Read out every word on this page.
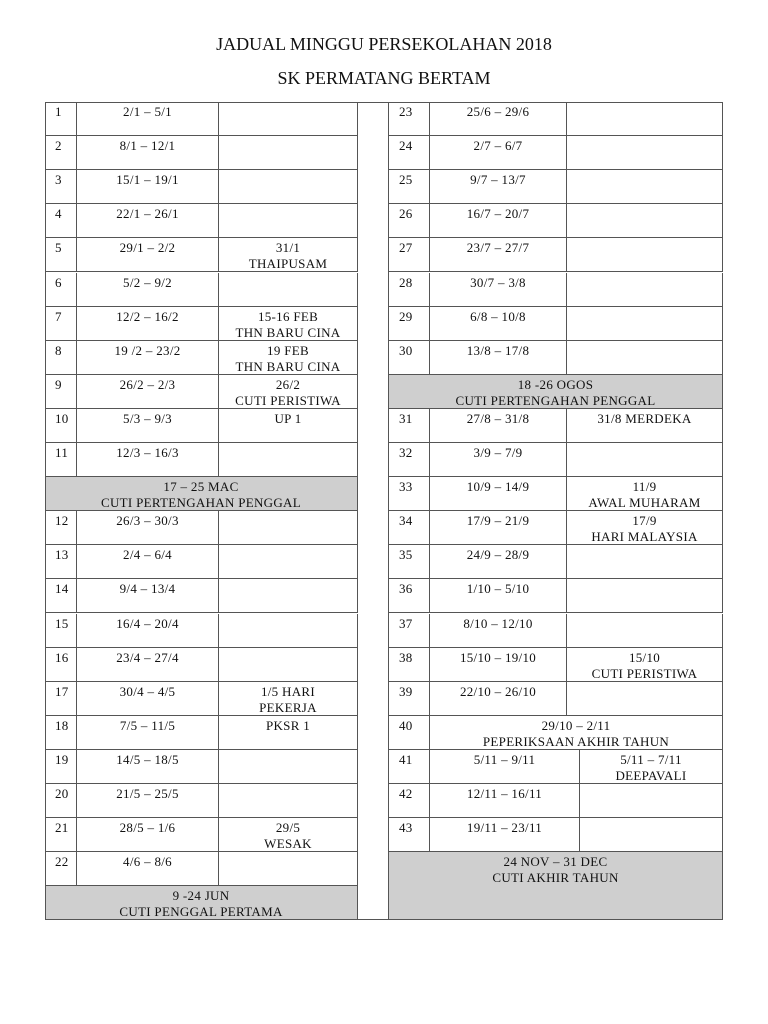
JADUAL MINGGU PERSEKOLAHAN 2018
SK PERMATANG BERTAM
1	2/1 – 5/1
2	8/1 – 12/1
3	15/1 – 19/1
4	22/1 – 26/1
5	29/1 – 2/2	31/1
THAIPUSAM
6	5/2 – 9/2
7	12/2 – 16/2	15-16 FEB
THN BARU CINA
8	19 /2 – 23/2	19 FEB
THN BARU CINA
9	26/2 – 2/3	26/2
CUTI PERISTIWA
10	5/3 – 9/3	UP 1
11	12/3 – 16/3
17 – 25 MAC
CUTI PERTENGAHAN PENGGAL
12	26/3 – 30/3
13	2/4 – 6/4
14	9/4 – 13/4
15	16/4 – 20/4
16	23/4 – 27/4
17	30/4 – 4/5	1/5 HARI
PEKERJA
18	7/5 – 11/5	PKSR 1
19	14/5 – 18/5
20	21/5 – 25/5
21	28/5 – 1/6	29/5
WESAK
22	4/6 – 8/6
9 -24 JUN
CUTI PENGGAL PERTAMA
23	25/6 – 29/6
24	2/7 – 6/7
25	9/7 – 13/7
26	16/7 – 20/7
27	23/7 – 27/7
28	30/7 – 3/8
29	6/8 – 10/8
30	13/8 – 17/8
18 -26 OGOS
CUTI PERTENGAHAN PENGGAL
31	27/8 – 31/8	31/8 MERDEKA
32	3/9 – 7/9
33	10/9 – 14/9	11/9
AWAL MUHARAM
34	17/9 – 21/9	17/9
HARI MALAYSIA
35	24/9 – 28/9
36	1/10 – 5/10
37	8/10 – 12/10
38	15/10 – 19/10	15/10
CUTI PERISTIWA
39	22/10 – 26/10
40	29/10 – 2/11
PEPERIKSAAN AKHIR TAHUN
41	5/11 – 9/11	5/11 – 7/11
DEEPAVALI
42	12/11 – 16/11
43	19/11 – 23/11
24 NOV – 31 DEC
CUTI AKHIR TAHUN
